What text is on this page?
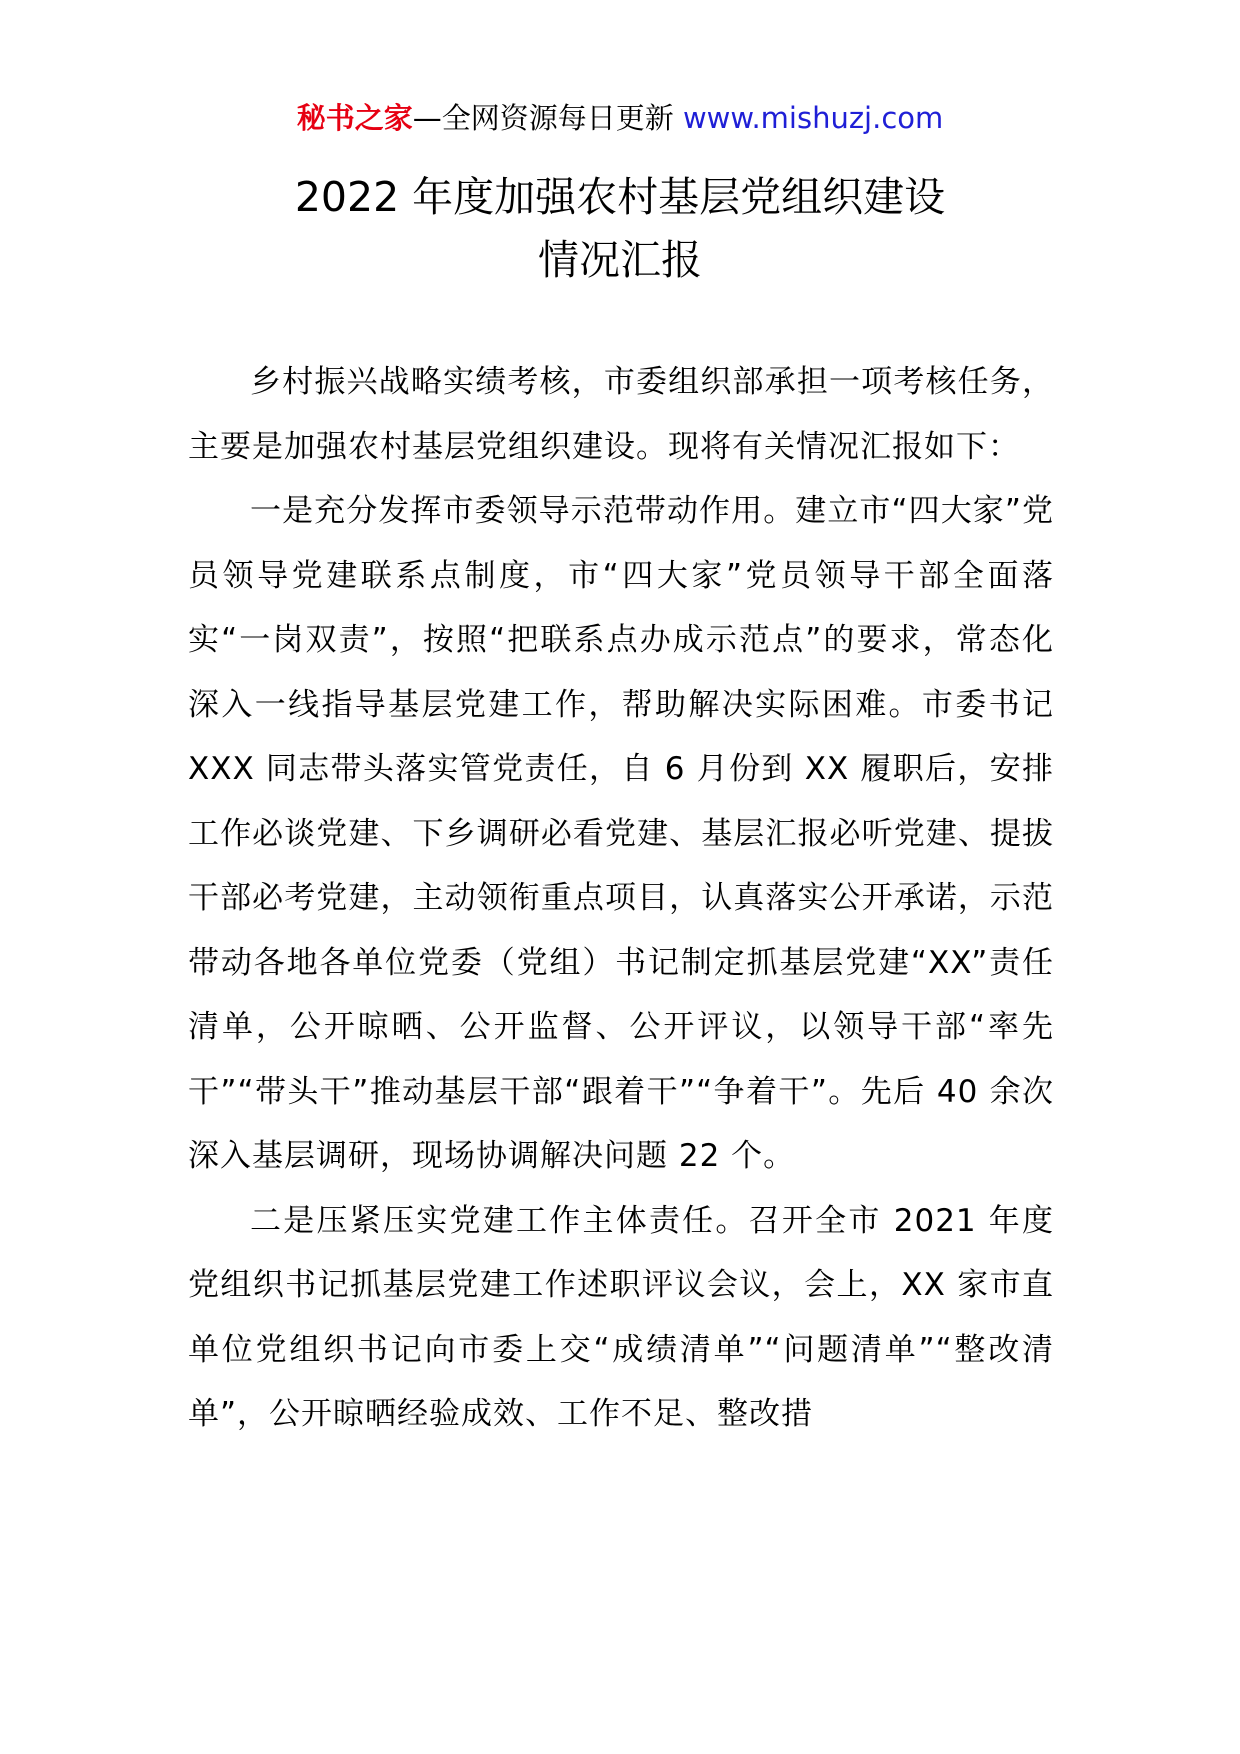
秘书之家—全网资源每日更新 www.mishuzj.com
2022 年度加强农村基层党组织建设
情况汇报

乡村振兴战略实绩考核，市委组织部承担一项考核任务，主要是加强农村基层党组织建设。现将有关情况汇报如下：

一是充分发挥市委领导示范带动作用。建立市“四大家”党员领导党建联系点制度，市“四大家”党员领导干部全面落实“一岗双责”，按照“把联系点办成示范点”的要求，常态化深入一线指导基层党建工作，帮助解决实际困难。市委书记 XXX 同志带头落实管党责任，自 6 月份到 XX 履职后，安排工作必谈党建、下乡调研必看党建、基层汇报必听党建、提拔干部必考党建，主动领衔重点项目，认真落实公开承诺，示范带动各地各单位党委（党组）书记制定抓基层党建“XX”责任清单，公开晾晒、公开监督、公开评议，以领导干部“率先干”“带头干”推动基层干部“跟着干”“争着干”。先后 40 余次深入基层调研，现场协调解决问题 22 个。

二是压紧压实党建工作主体责任。召开全市 2021 年度党组织书记抓基层党建工作述职评议会议，会上，XX 家市直单位党组织书记向市委上交“成绩清单”“问题清单”“整改清单”，公开晾晒经验成效、工作不足、整改措
